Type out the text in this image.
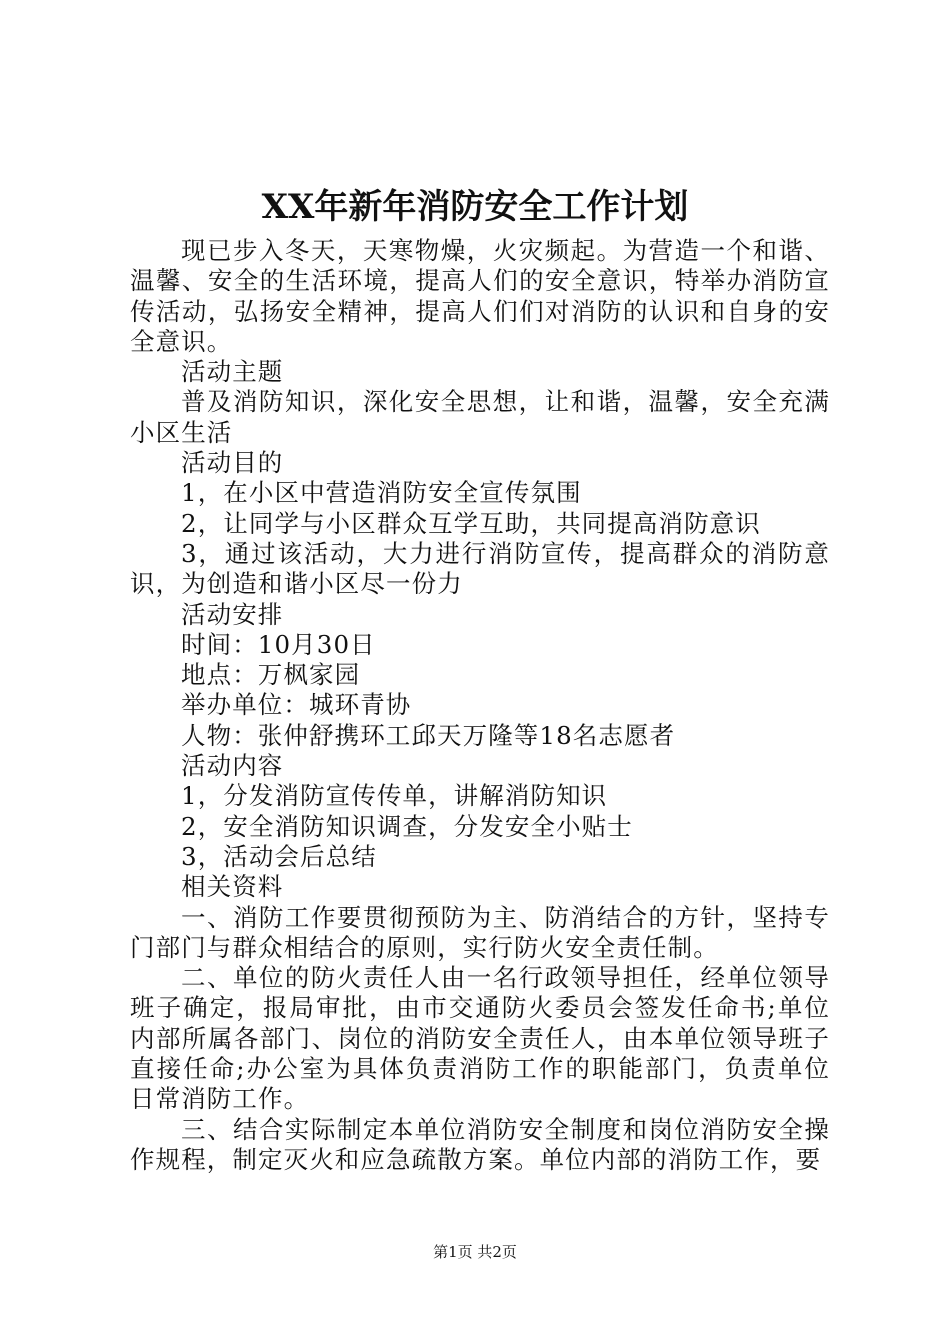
XX年新年消防安全工作计划

现已步入冬天，天寒物燥，火灾频起。为营造一个和谐、温馨、安全的生活环境，提高人们的安全意识，特举办消防宣传活动，弘扬安全精神，提高人们们对消防的认识和自身的安全意识。

活动主题

普及消防知识，深化安全思想，让和谐，温馨，安全充满小区生活

活动目的

1，在小区中营造消防安全宣传氛围

2，让同学与小区群众互学互助，共同提高消防意识

3，通过该活动，大力进行消防宣传，提高群众的消防意识，为创造和谐小区尽一份力

活动安排

时间：10月30日

地点：万枫家园

举办单位：城环青协

人物：张仲舒携环工邱天万隆等18名志愿者

活动内容

1，分发消防宣传传单，讲解消防知识

2，安全消防知识调查，分发安全小贴士

3，活动会后总结

相关资料

一、消防工作要贯彻预防为主、防消结合的方针，坚持专门部门与群众相结合的原则，实行防火安全责任制。

二、单位的防火责任人由一名行政领导担任，经单位领导班子确定，报局审批，由市交通防火委员会签发任命书;单位内部所属各部门、岗位的消防安全责任人，由本单位领导班子直接任命;办公室为具体负责消防工作的职能部门，负责单位日常消防工作。

三、结合实际制定本单位消防安全制度和岗位消防安全操作规程，制定灭火和应急疏散方案。单位内部的消防工作，要

第1页 共2页
